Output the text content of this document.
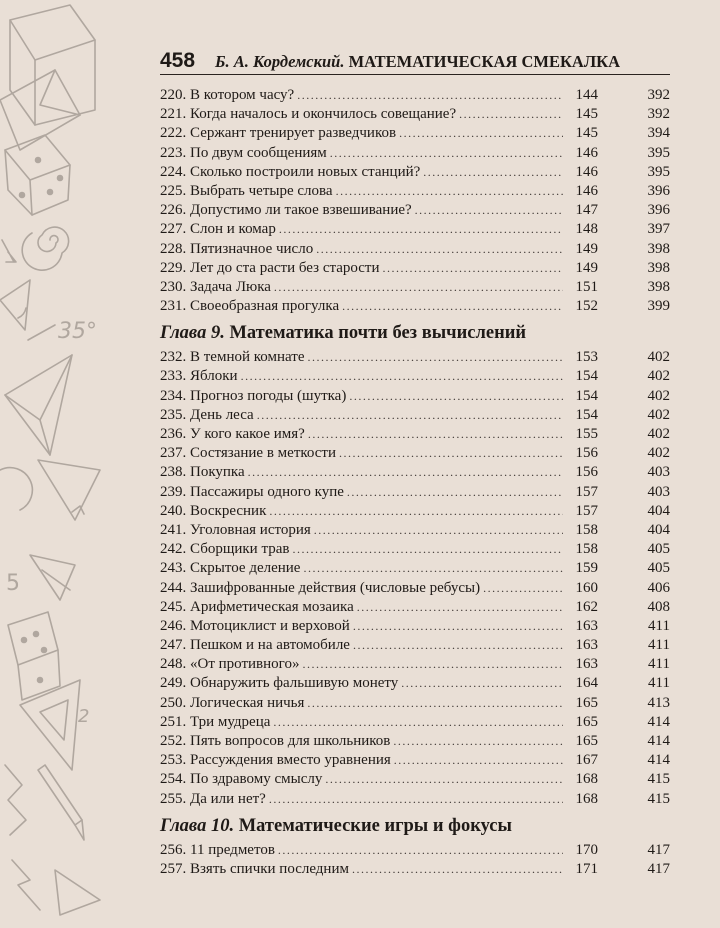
35°
5
2
458 Б. А. Кордемский. МАТЕМАТИЧЕСКАЯ СМЕКАЛКА
220. В котором часу? .....	144	392
221. Когда началось и окончилось совещание? .....	145	392
222. Сержант тренирует разведчиков .....	145	394
223. По двум сообщениям .....	146	395
224. Сколько построили новых станций? .....	146	395
225. Выбрать четыре слова .....	146	396
226. Допустимо ли такое взвешивание? .....	147	396
227. Слон и комар .....	148	397
228. Пятизначное число .....	149	398
229. Лет до ста расти без старости .....	149	398
230. Задача Люка .....	151	398
231. Своеобразная прогулка .....	152	399
Глава 9. Математика почти без вычислений
232. В темной комнате .....	153	402
233. Яблоки .....	154	402
234. Прогноз погоды (шутка) .....	154	402
235. День леса .....	154	402
236. У кого какое имя? .....	155	402
237. Состязание в меткости .....	156	402
238. Покупка .....	156	403
239. Пассажиры одного купе .....	157	403
240. Воскресник .....	157	404
241. Уголовная история .....	158	404
242. Сборщики трав .....	158	405
243. Скрытое деление .....	159	405
244. Зашифрованные действия (числовые ребусы) .....	160	406
245. Арифметическая мозаика .....	162	408
246. Мотоциклист и верховой .....	163	411
247. Пешком и на автомобиле .....	163	411
248. «От противного» .....	163	411
249. Обнаружить фальшивую монету .....	164	411
250. Логическая ничья .....	165	413
251. Три мудреца .....	165	414
252. Пять вопросов для школьников .....	165	414
253. Рассуждения вместо уравнения .....	167	414
254. По здравому смыслу .....	168	415
255. Да или нет? .....	168	415
Глава 10. Математические игры и фокусы
256. 11 предметов .....	170	417
257. Взять спички последним .....	171	417
